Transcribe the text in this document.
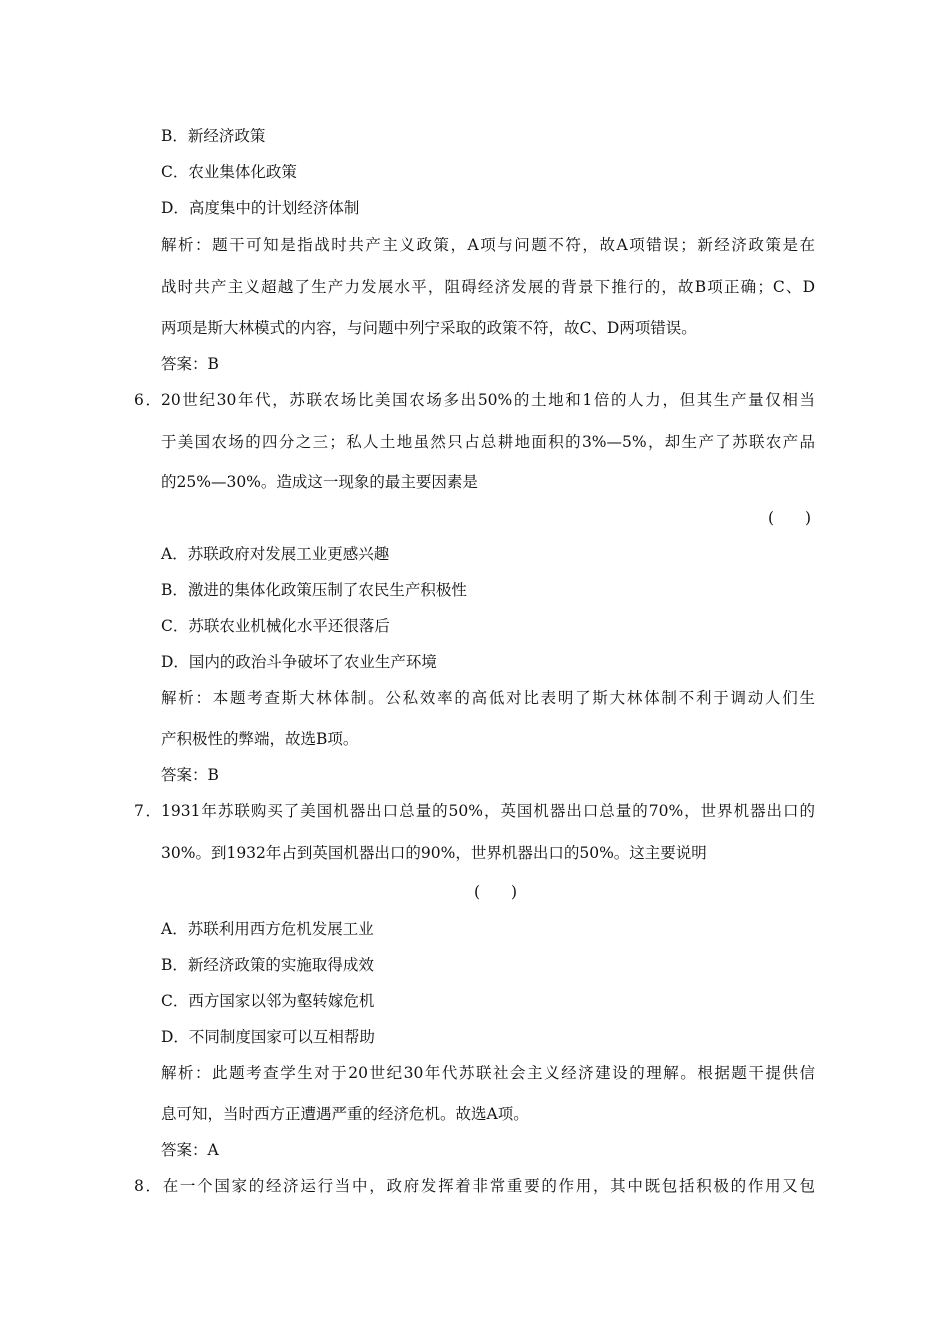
B．新经济政策
C．农业集体化政策
D．高度集中的计划经济体制
解析：题干可知是指战时共产主义政策，A项与问题不符，故A项错误；新经济政策是在
战时共产主义超越了生产力发展水平，阻碍经济发展的背景下推行的，故B项正确；C、D
两项是斯大林模式的内容，与问题中列宁采取的政策不符，故C、D两项错误。
答案：B
6．20世纪30年代，苏联农场比美国农场多出50%的土地和1倍的人力，但其生产量仅相当
于美国农场的四分之三；私人土地虽然只占总耕地面积的3%—5%，却生产了苏联农产品
的25%—30%。造成这一现象的最主要因素是
(　　)
A．苏联政府对发展工业更感兴趣
B．激进的集体化政策压制了农民生产积极性
C．苏联农业机械化水平还很落后
D．国内的政治斗争破坏了农业生产环境
解析：本题考查斯大林体制。公私效率的高低对比表明了斯大林体制不利于调动人们生
产积极性的弊端，故选B项。
答案：B
7．1931年苏联购买了美国机器出口总量的50%，英国机器出口总量的70%，世界机器出口的
30%。到1932年占到英国机器出口的90%，世界机器出口的50%。这主要说明
(　　)
A．苏联利用西方危机发展工业
B．新经济政策的实施取得成效
C．西方国家以邻为壑转嫁危机
D．不同制度国家可以互相帮助
解析：此题考查学生对于20世纪30年代苏联社会主义经济建设的理解。根据题干提供信
息可知，当时西方正遭遇严重的经济危机。故选A项。
答案：A
8．在一个国家的经济运行当中，政府发挥着非常重要的作用，其中既包括积极的作用又包
